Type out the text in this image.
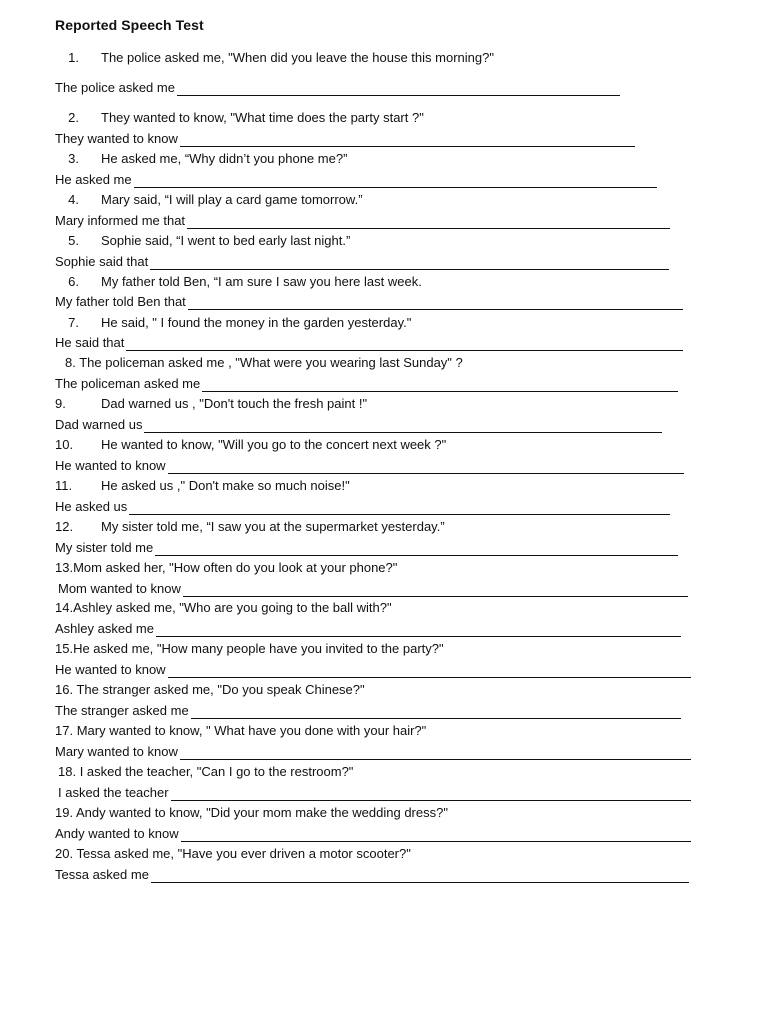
Reported Speech Test
1. The police asked me, "When did you leave the house this morning?"
The police asked me
2. They wanted to know, "What time does the party start ?"
They wanted to know
3. He asked me, “Why didn’t you phone me?”
He asked me
4. Mary said, “I will play a card game tomorrow.”
Mary informed me that
5. Sophie said, “I went to bed early last night.”
Sophie said that
6. My father told Ben, “I am sure I saw you here last week.
My father told Ben that
7. He said, " I found the money in the garden yesterday."
He said that
8. The policeman asked me , "What were you wearing last Sunday" ?
The policeman asked me
9.	Dad warned us , "Don't touch the fresh paint !"
Dad warned us
10. He wanted to know, "Will you go to the concert next week ?"
He wanted to know
11. He asked us ," Don't make so much noise!"
He asked us
12. My sister told me, “I saw you at the supermarket yesterday.”
My sister told me
13.Mom asked her, "How often do you look at your phone?"
Mom wanted to know
14.Ashley asked me, "Who are you going to the ball with?"
Ashley asked me
15.He asked me, "How many people have you invited to the party?"
He wanted to know
16. The stranger asked me, "Do you speak Chinese?"
The stranger asked me
17. Mary wanted to know, " What have you done with your hair?"
Mary wanted to know
18. I asked the teacher, "Can I go to the restroom?"
I asked the teacher
19. Andy wanted to know, "Did your mom make the wedding dress?"
Andy wanted to know
20. Tessa asked me, "Have you ever driven a motor scooter?"
Tessa asked me
